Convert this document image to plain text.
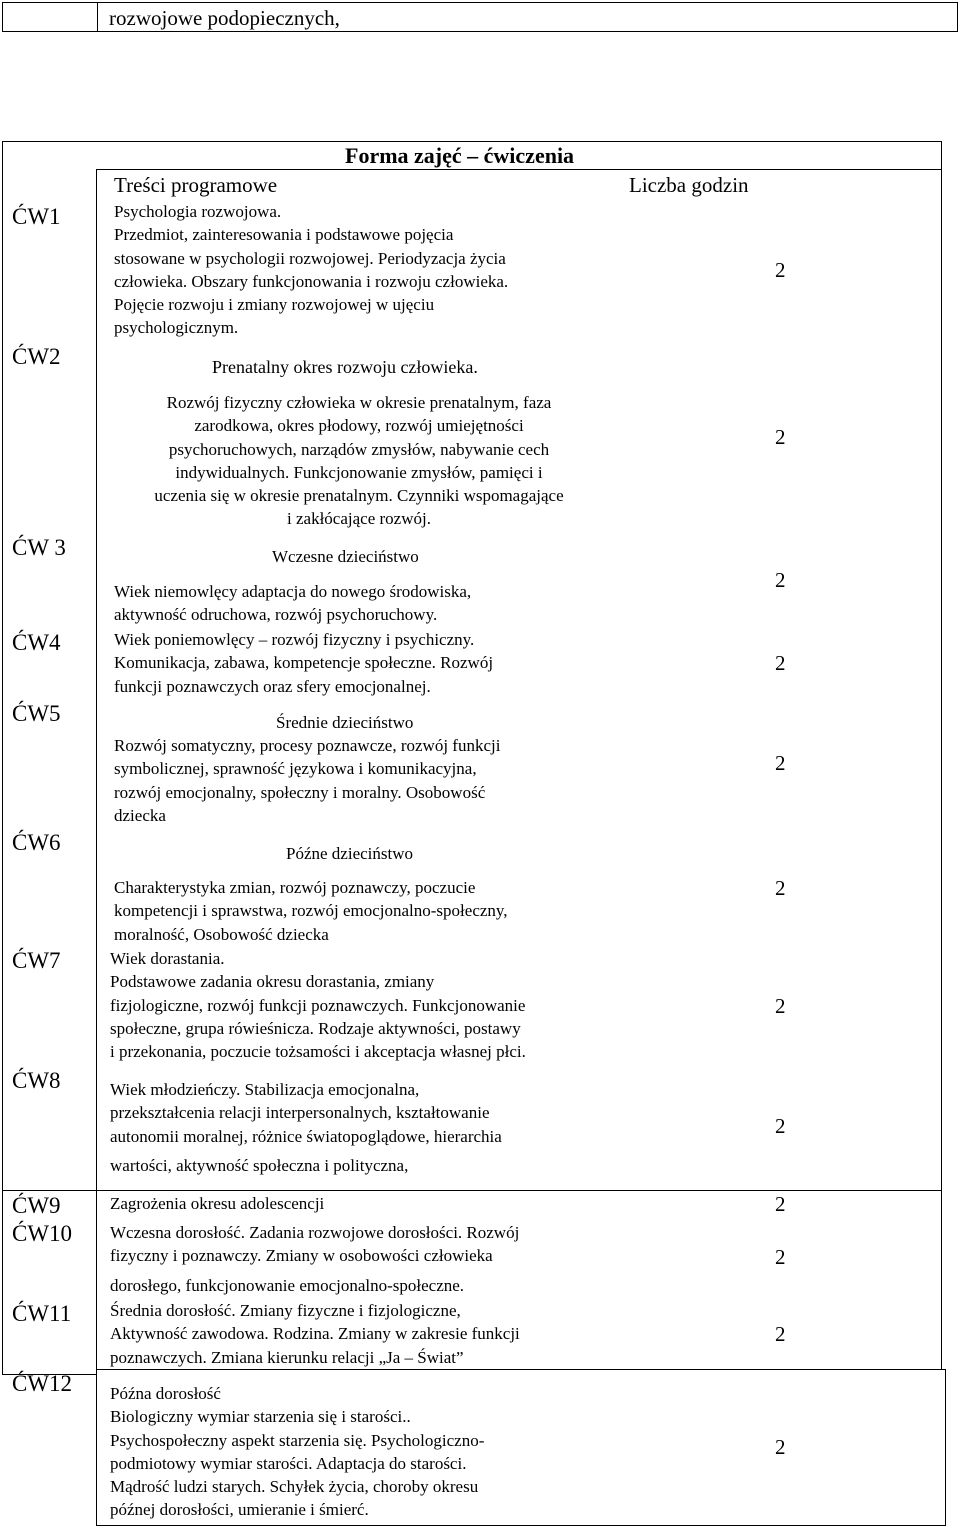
rozwojowe podopiecznych,
Forma zajęć – ćwiczenia
Treści programowe	Liczba godzin
ĆW1	Psychologia rozwojowa.
Przedmiot, zainteresowania i podstawowe pojęcia
stosowane w psychologii rozwojowej. Periodyzacja życia
człowieka. Obszary funkcjonowania i rozwoju człowieka.
Pojęcie rozwoju i zmiany rozwojowej w ujęciu
psychologicznym.
2
ĆW2	Prenatalny okres rozwoju człowieka.
Rozwój fizyczny człowieka w okresie prenatalnym, faza
zarodkowa, okres płodowy, rozwój umiejętności
psychoruchowych, narządów zmysłów, nabywanie cech
indywidualnych. Funkcjonowanie zmysłów, pamięci i
uczenia się w okresie prenatalnym. Czynniki wspomagające
i zakłócające rozwój.
2
ĆW 3	Wczesne dzieciństwo
Wiek niemowlęcy adaptacja do nowego środowiska,
aktywność odruchowa, rozwój psychoruchowy.
2
ĆW4	Wiek poniemowlęcy – rozwój fizyczny i psychiczny.
Komunikacja, zabawa, kompetencje społeczne. Rozwój
funkcji poznawczych oraz sfery emocjonalnej.
2
ĆW5	Średnie dzieciństwo
Rozwój somatyczny, procesy poznawcze, rozwój funkcji
symbolicznej, sprawność językowa i komunikacyjna,
rozwój emocjonalny, społeczny i moralny. Osobowość
dziecka
2
ĆW6	Późne dzieciństwo
Charakterystyka zmian, rozwój poznawczy, poczucie
kompetencji i sprawstwa, rozwój emocjonalno-społeczny,
moralność, Osobowość dziecka
2
ĆW7	Wiek dorastania.
Podstawowe zadania okresu dorastania, zmiany
fizjologiczne, rozwój funkcji poznawczych. Funkcjonowanie
społeczne, grupa rówieśnicza. Rodzaje aktywności, postawy
i przekonania, poczucie tożsamości i akceptacja własnej płci.
2
ĆW8	Wiek młodzieńczy. Stabilizacja emocjonalna,
przekształcenia relacji interpersonalnych, kształtowanie
autonomii moralnej, różnice światopoglądowe, hierarchia
wartości, aktywność społeczna i polityczna,
2
ĆW9	Zagrożenia okresu adolescencji	2
ĆW10 Wczesna dorosłość. Zadania rozwojowe dorosłości. Rozwój
fizyczny i poznawczy. Zmiany w osobowości człowieka
dorosłego, funkcjonowanie emocjonalno-społeczne.
2
ĆW11 Średnia dorosłość. Zmiany fizyczne i fizjologiczne,
Aktywność zawodowa. Rodzina. Zmiany w zakresie funkcji
poznawczych. Zmiana kierunku relacji „Ja – Świat”
2
ĆW12 Późna dorosłość
Biologiczny wymiar starzenia się i starości..
Psychospołeczny aspekt starzenia się. Psychologiczno-
podmiotowy wymiar starości. Adaptacja do starości.
Mądrość ludzi starych. Schyłek życia, choroby okresu
późnej dorosłości, umieranie i śmierć.
2
